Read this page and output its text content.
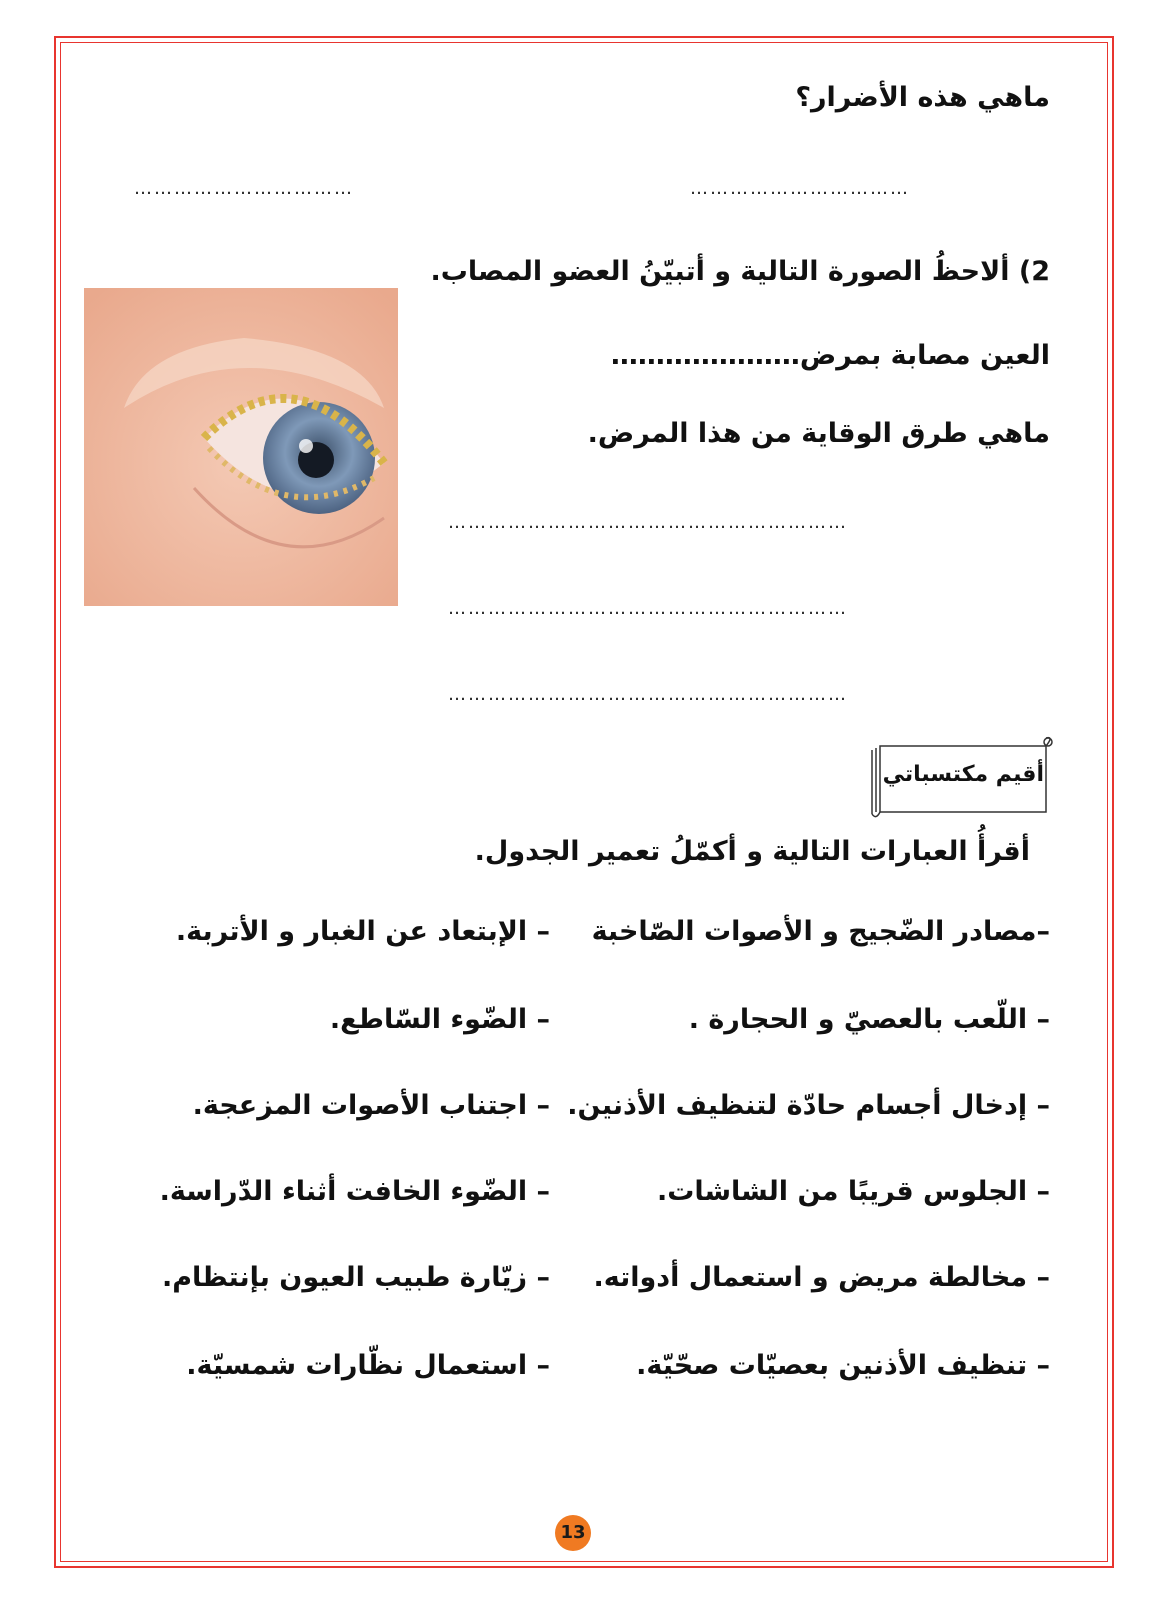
ماهي هذه الأضرار؟
……………………………	……………………………
2) ألاحظُ الصورة التالية و أتبيّنُ العضو المصاب.
العين مصابة بمرض…………………
ماهي طرق الوقاية من هذا المرض.
……………………………………………………
……………………………………………………
……………………………………………………
أقيم مكتسباتي
أقرأُ العبارات التالية و أكمّلُ تعمير الجدول.
–مصادر الضّجيج و الأصوات الصّاخبة
– الإبتعاد عن الغبار و الأتربة.
– اللّعب بالعصيّ و الحجارة .
– الضّوء السّاطع.
– إدخال أجسام حادّة لتنظيف الأذنين.
– اجتناب الأصوات المزعجة.
– الجلوس قريبًا من الشاشات.
– الضّوء الخافت أثناء الدّراسة.
– مخالطة مريض و استعمال أدواته.
– زيّارة طبيب العيون بإنتظام.
– تنظيف الأذنين بعصيّات صحّيّة.
– استعمال نظّارات شمسيّة.
13
